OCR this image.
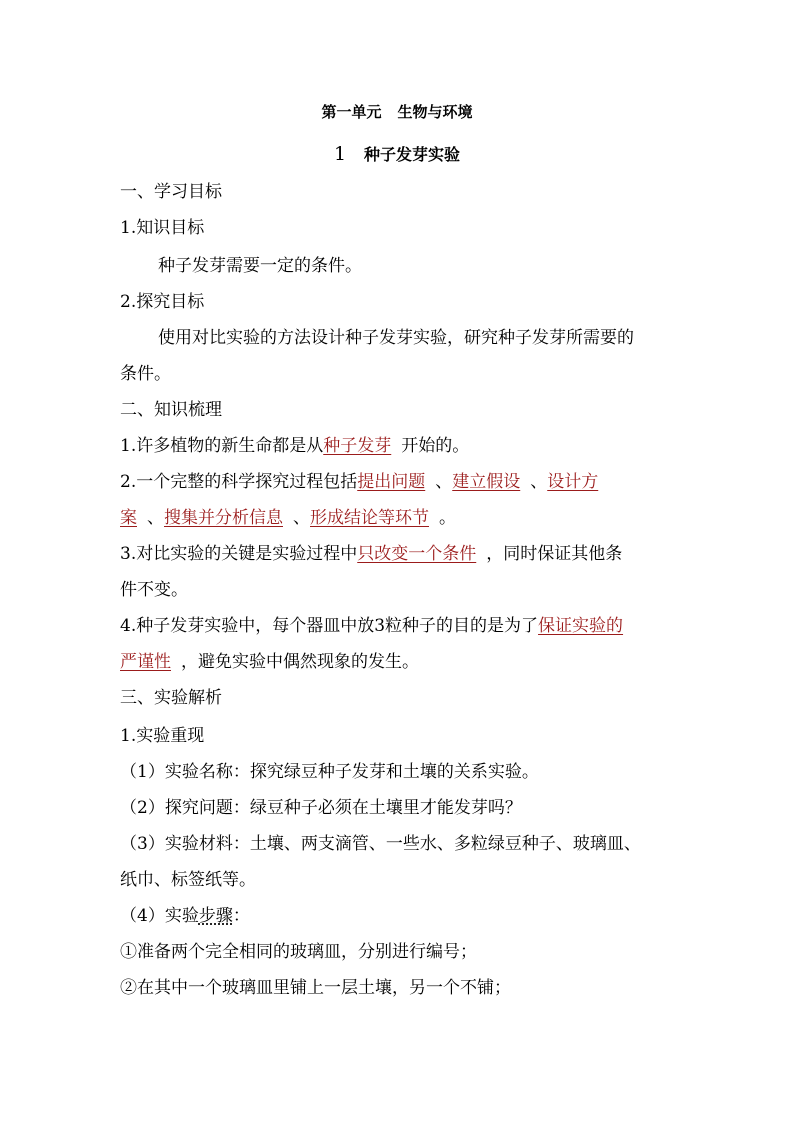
第一单元 生物与环境
1 种子发芽实验
一、学习目标
1.知识目标
种子发芽需要一定的条件。
2.探究目标
使用对比实验的方法设计种子发芽实验，研究种子发芽所需要的
条件。
二、知识梳理
1.许多植物的新生命都是从种子发芽 开始的。
2.一个完整的科学探究过程包括提出问题 、建立假设 、设计方
案 、搜集并分析信息 、形成结论等环节 。
3.对比实验的关键是实验过程中只改变一个条件 ，同时保证其他条
件不变。
4.种子发芽实验中，每个器皿中放3粒种子的目的是为了保证实验的
严谨性 ，避免实验中偶然现象的发生。
三、实验解析
1.实验重现
（1）实验名称：探究绿豆种子发芽和土壤的关系实验。
（2）探究问题：绿豆种子必须在土壤里才能发芽吗？
（3）实验材料：土壤、两支滴管、一些水、多粒绿豆种子、玻璃皿、
纸巾、标签纸等。
（4）实验步骤：
①准备两个完全相同的玻璃皿，分别进行编号；
②在其中一个玻璃皿里铺上一层土壤，另一个不铺；
